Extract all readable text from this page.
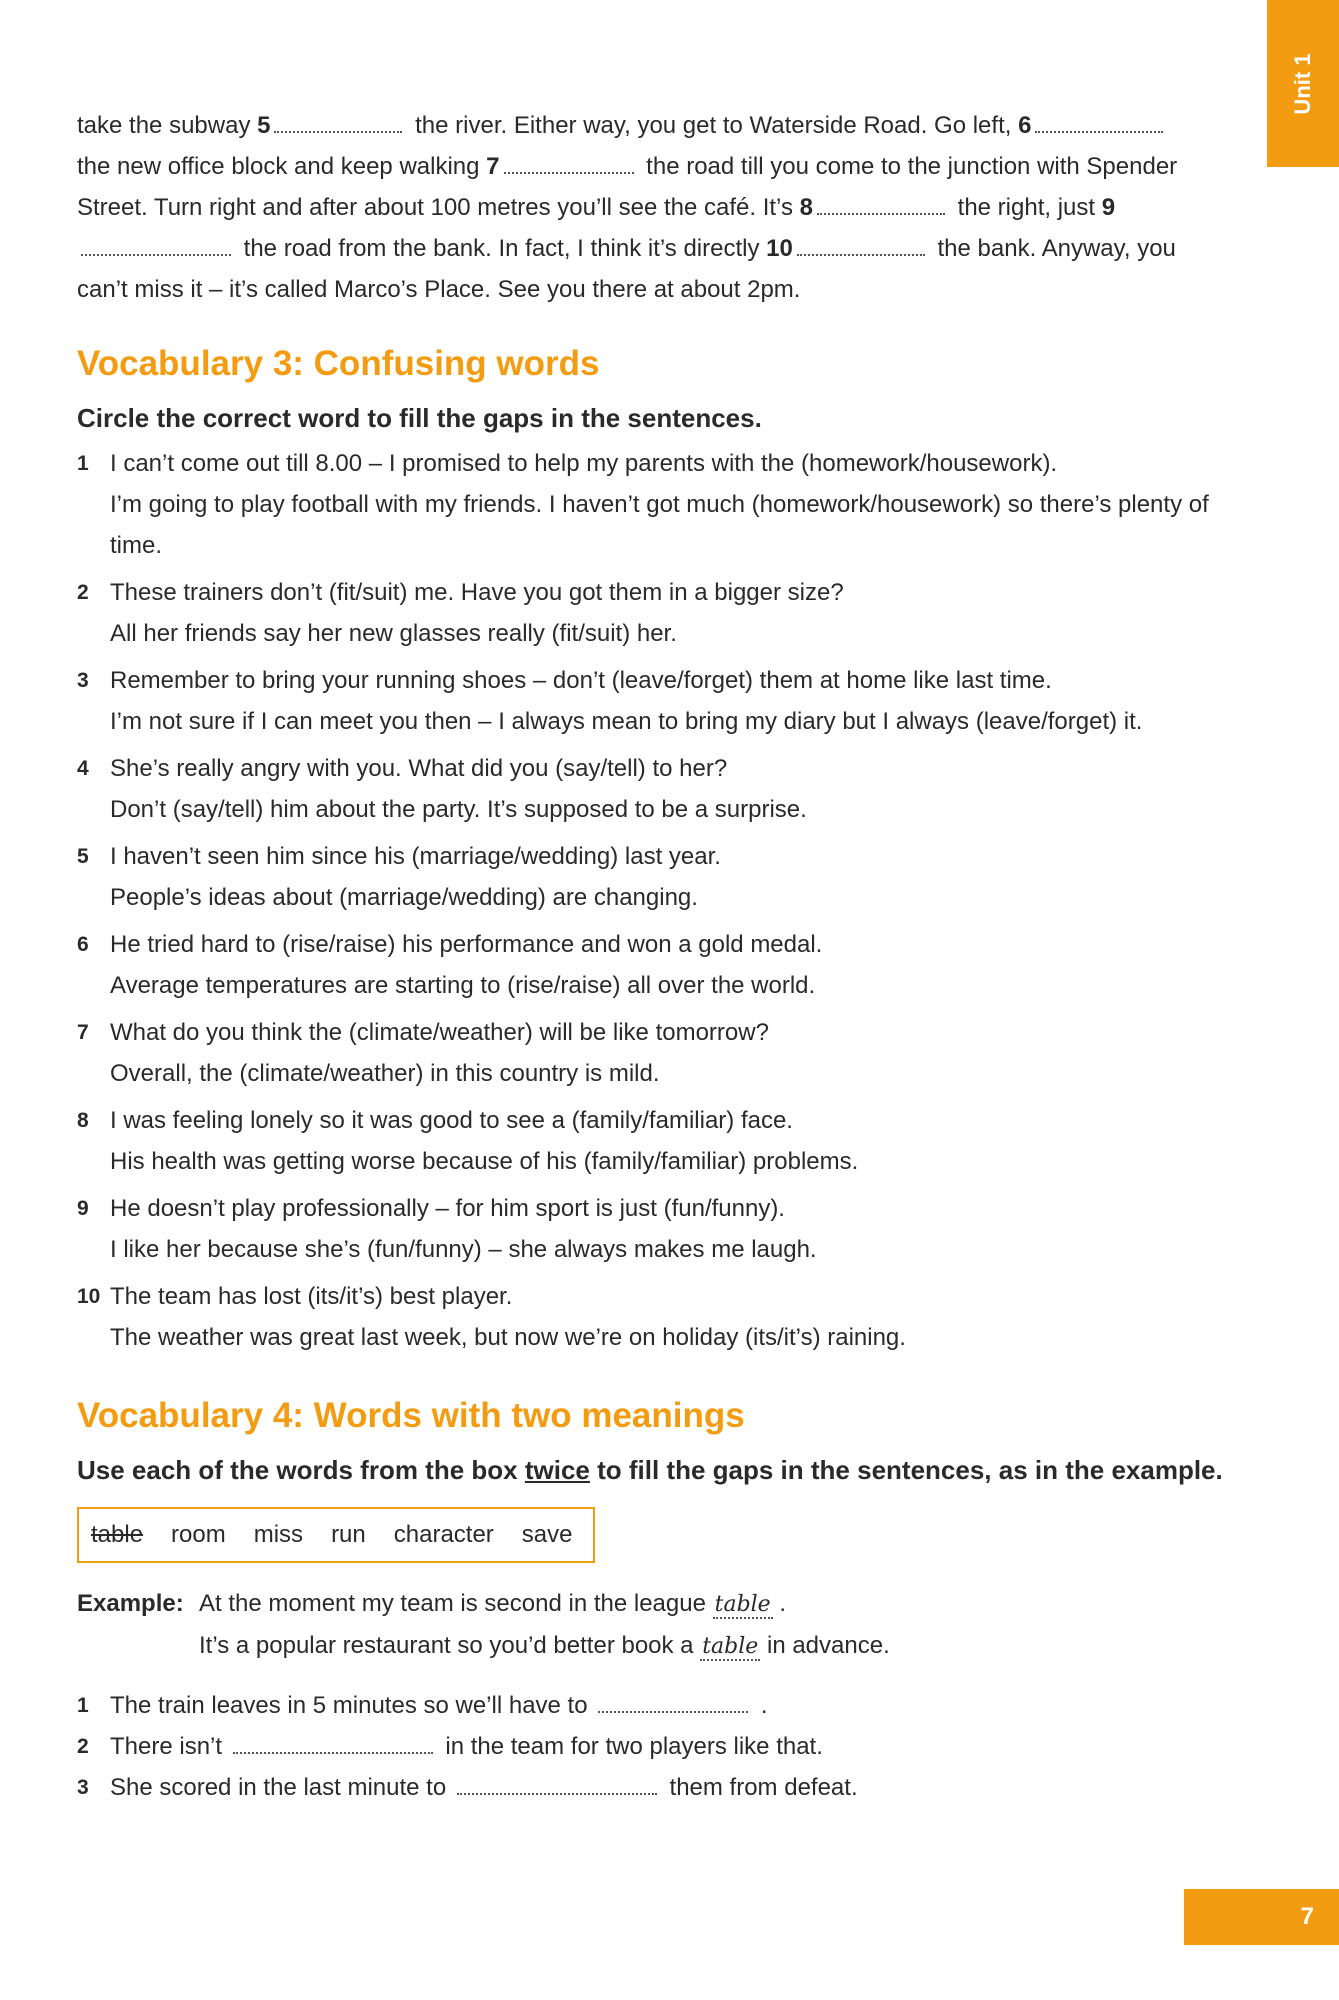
Unit 1

take the subway 5	the river. Either way, you get to Waterside Road. Go left, 6
the new office block and keep walking 7	the road till you come to the junction with Spender Street. Turn right and after about 100 metres you’ll see the café. It’s 8	the right, just 9 the road from the bank. In fact, I think it’s directly 10	the bank. Anyway, you can’t miss it – it’s called Marco’s Place. See you there at about 2pm.

Vocabulary 3: Confusing words

Circle the correct word to fill the gaps in the sentences.

1 I can’t come out till 8.00 – I promised to help my parents with the (homework/housework).
I’m going to play football with my friends. I haven’t got much (homework/housework) so there’s plenty of time.
2 These trainers don’t (fit/suit) me. Have you got them in a bigger size?
All her friends say her new glasses really (fit/suit) her.
3 Remember to bring your running shoes – don’t (leave/forget) them at home like last time.
I’m not sure if I can meet you then – I always mean to bring my diary but I always (leave/forget) it.
4 She’s really angry with you. What did you (say/tell) to her?
Don’t (say/tell) him about the party. It’s supposed to be a surprise.
5 I haven’t seen him since his (marriage/wedding) last year.
People’s ideas about (marriage/wedding) are changing.
6 He tried hard to (rise/raise) his performance and won a gold medal.
Average temperatures are starting to (rise/raise) all over the world.
7 What do you think the (climate/weather) will be like tomorrow?
Overall, the (climate/weather) in this country is mild.
8 I was feeling lonely so it was good to see a (family/familiar) face.
His health was getting worse because of his (family/familiar) problems.
9 He doesn’t play professionally – for him sport is just (fun/funny).
I like her because she’s (fun/funny) – she always makes me laugh.
10 The team has lost (its/it’s) best player.
The weather was great last week, but now we’re on holiday (its/it’s) raining.
Vocabulary 4: Words with two meanings

Use each of the words from the box twice to fill the gaps in the sentences, as in the example.

table room miss run character save
Example: At the moment my team is second in the league table .
It’s a popular restaurant so you’d better book a table in advance.
1 The train leaves in 5 minutes so we’ll have to	.
2 There isn’t	in the team for two players like that.
3 She scored in the last minute to	them from defeat.
7
